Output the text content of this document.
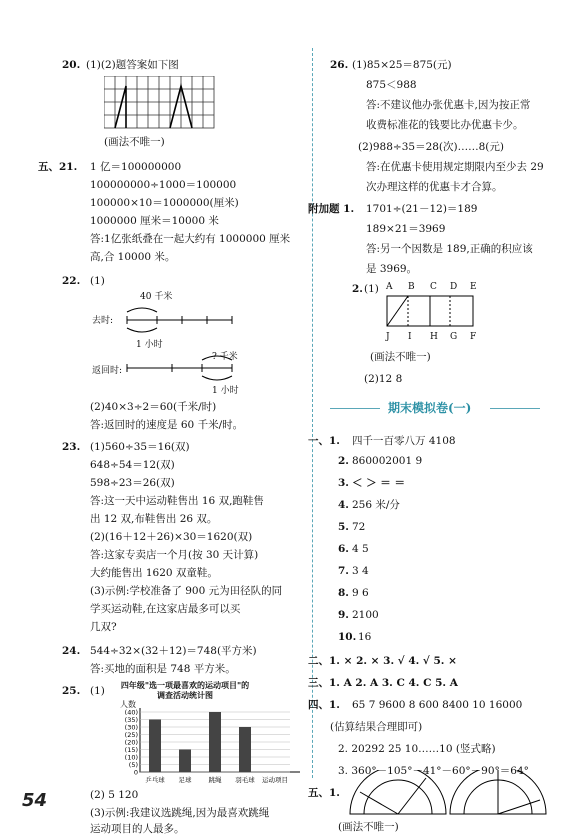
20. (1)(2)题答案如下图
(画法不唯一)
五、21. 1 亿＝100000000
100000000÷1000＝100000
100000×10＝1000000(厘米)
1000000 厘米＝10000 米
答:1亿张纸叠在一起大约有 1000000 厘米
高,合 10000 米。
22. (1)
40 千米
去时:
返回时:
1 小时
? 千米
1 小时
(2)40×3÷2＝60(千米/时)
答:返回时的速度是 60 千米/时。
23. (1)560÷35＝16(双)
648÷54＝12(双)
598÷23＝26(双)
答:这一天中运动鞋售出 16 双,跑鞋售
出 12 双,布鞋售出 26 双。
(2)(16＋12＋26)×30＝1620(双)
答:这家专卖店一个月(按 30 天计算)
大约能售出 1620 双童鞋。
(3)示例:学校准备了 900 元为田径队的同
学买运动鞋,在这家店最多可以买
几双?
24. 544÷32×(32＋12)＝748(平方米)
答:买地的面积是 748 平方米。
25. (1) 四年级"选一项最喜欢的运动项目"的调查活动统计图
人数
(40)
(35)
(30)
(25)
(20)
(15)
(10)
(5)
0
乒乓球 足球	跳绳 羽毛球 运动项目
(2) 5 120
(3)示例:我建议选跳绳,因为最喜欢跳绳
运动项目的人最多。
26. (1)85×25＝875(元)
875＜988
答:不建议他办张优惠卡,因为按正常
收费标准花的钱要比办优惠卡少。
(2)988÷35＝28(次)……8(元)
答:在优惠卡使用规定期限内至少去 29
次办理这样的优惠卡才合算。
附加题 1. 1701÷(21－12)＝189
189×21＝3969
答:另一个因数是 189,正确的积应该
是 3969。
2. (1) A B C D E
J I H G F
(画法不唯一)
(2)12 8
期末模拟卷(一)
一、1. 四千一百零八万 4108
2. 860002001 9
3. ＜ ＞ ＝ ＝
4. 256 米/分
5. 72
6. 4 5
7. 3 4
8. 9 6
9. 2100
10. 16
二、1. × 2. × 3. √ 4. √ 5. ×
三、1. A 2. A 3. C 4. C 5. A
四、1. 65 7 9600 8 600 8400 10 16000
(估算结果合理即可)
2. 20292 25 10……10 (竖式略)
3. 360°－105°－41°－60°－90°＝64°
五、1.
(画法不唯一)
54
